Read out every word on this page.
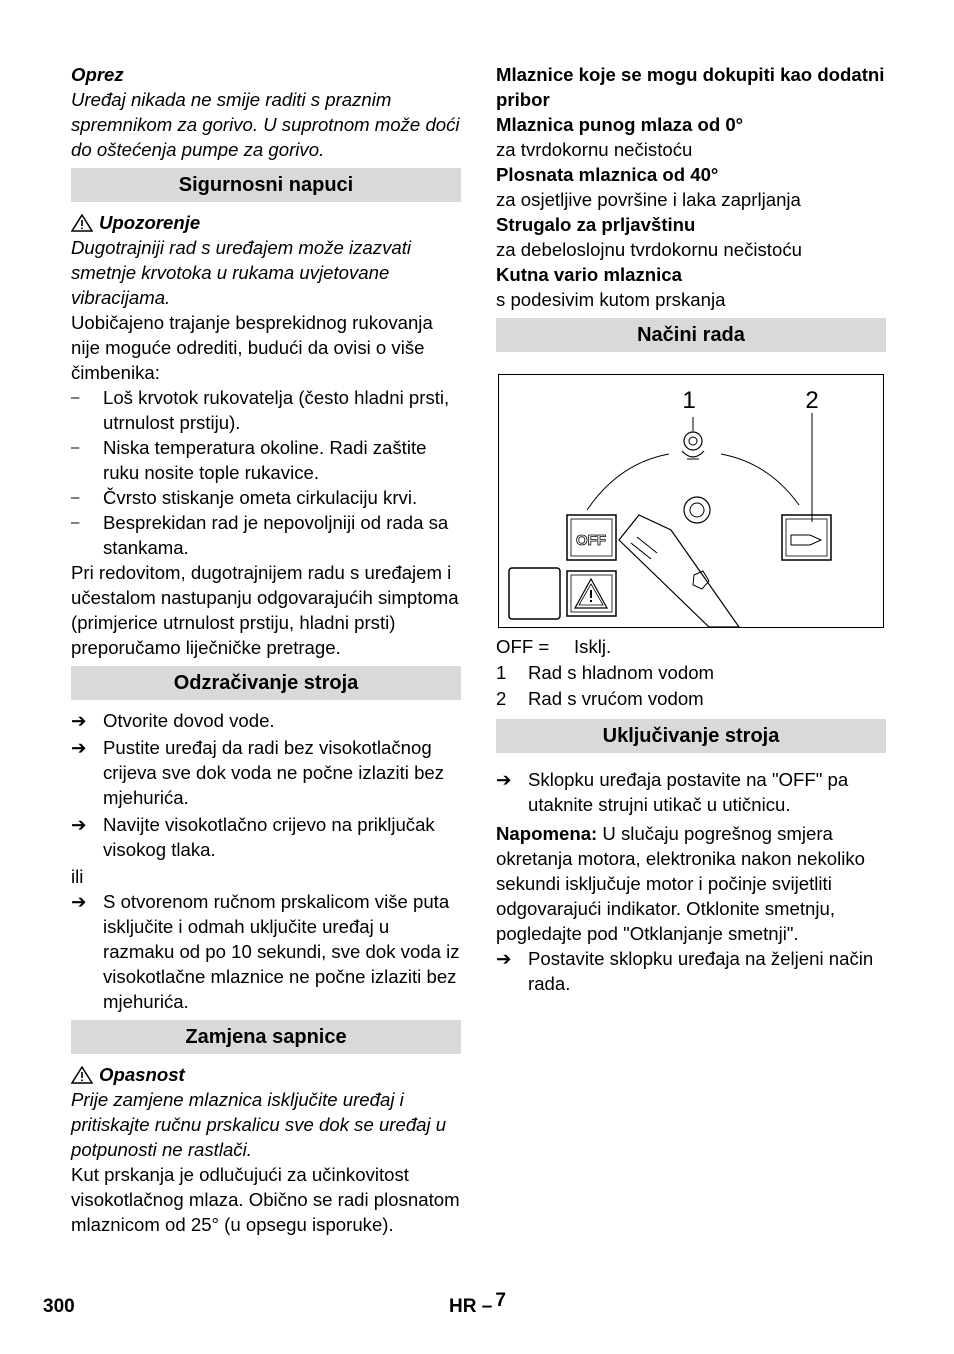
Oprez
Uređaj nikada ne smije raditi s praznim spremnikom za gorivo. U suprotnom može doći do oštećenja pumpe za gorivo.
Sigurnosni napuci
Upozorenje
Dugotrajniji rad s uređajem može izazvati smetnje krvotoka u rukama uvjetovane vibracijama.
Uobičajeno trajanje besprekidnog rukovanja nije moguće odrediti, budući da ovisi o više čimbenika:
–	Loš krvotok rukovatelja (često hladni prsti, utrnulost prstiju).
–	Niska temperatura okoline. Radi zaštite ruku nosite tople rukavice.
–	Čvrsto stiskanje ometa cirkulaciju krvi.
–	Besprekidan rad je nepovoljniji od rada sa stankama.
Pri redovitom, dugotrajnijem radu s uređajem i učestalom nastupanju odgovarajućih simptoma (primjerice utrnulost prstiju, hladni prsti) preporučamo liječničke pretrage.
Odzračivanje stroja
➔ Otvorite dovod vode.
➔ Pustite uređaj da radi bez visokotlačnog crijeva sve dok voda ne počne izlaziti bez mjehurića.
➔ Navijte visokotlačno crijevo na priključak visokog tlaka.
ili
➔ S otvorenom ručnom prskalicom više puta isključite i odmah uključite uređaj u razmaku od po 10 sekundi, sve dok voda iz visokotlačne mlaznice ne počne izlaziti bez mjehurića.
Zamjena sapnice
Opasnost
Prije zamjene mlaznica isključite uređaj i pritiskajte ručnu prskalicu sve dok se uređaj u potpunosti ne rastlači.
Kut prskanja je odlučujući za učinkovitost visokotlačnog mlaza. Obično se radi plosnatom mlaznicom od 25° (u opsegu isporuke).
Mlaznice koje se mogu dokupiti kao dodatni pribor
Mlaznica punog mlaza od 0°
za tvrdokornu nečistoću
Plosnata mlaznica od 40°
za osjetljive površine i laka zaprljanja
Strugalo za prljavštinu
za debeloslojnu tvrdokornu nečistoću
Kutna vario mlaznica
s podesivim kutom prskanja
Načini rada
1	2
OFF
OFF =	Isklj.
1	Rad s hladnom vodom
2	Rad s vrućom vodom
Uključivanje stroja
➔ Sklopku uređaja postavite na "OFF" pa utaknite strujni utikač u utičnicu.
Napomena: U slučaju pogrešnog smjera okretanja motora, elektronika nakon nekoliko sekundi isključuje motor i počinje svijetliti odgovarajući indikator. Otklonite smetnju, pogledajte pod "Otklanjanje smetnji".
➔ Postavite sklopku uređaja na željeni način rada.
300	HR – 7
